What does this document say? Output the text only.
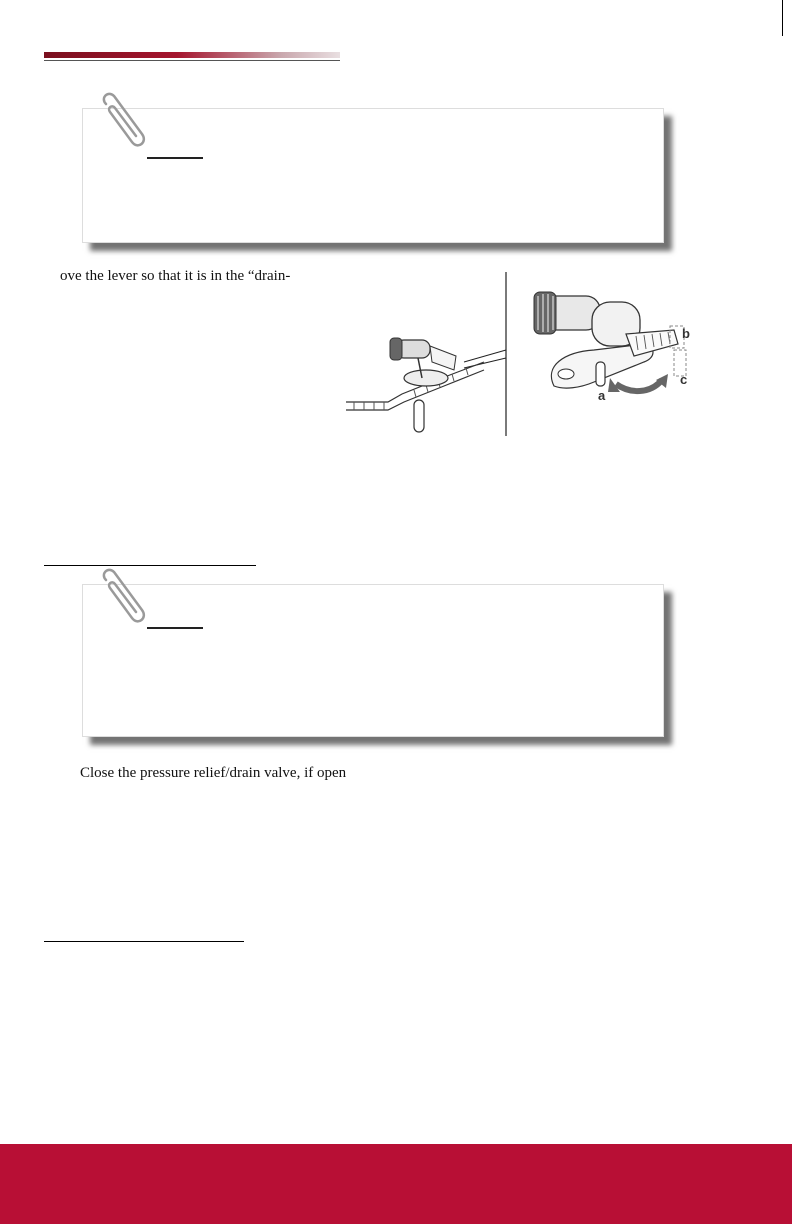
ove the lever so that it is in the “drain-
a
b
c
Close the pressure relief/drain valve, if open
